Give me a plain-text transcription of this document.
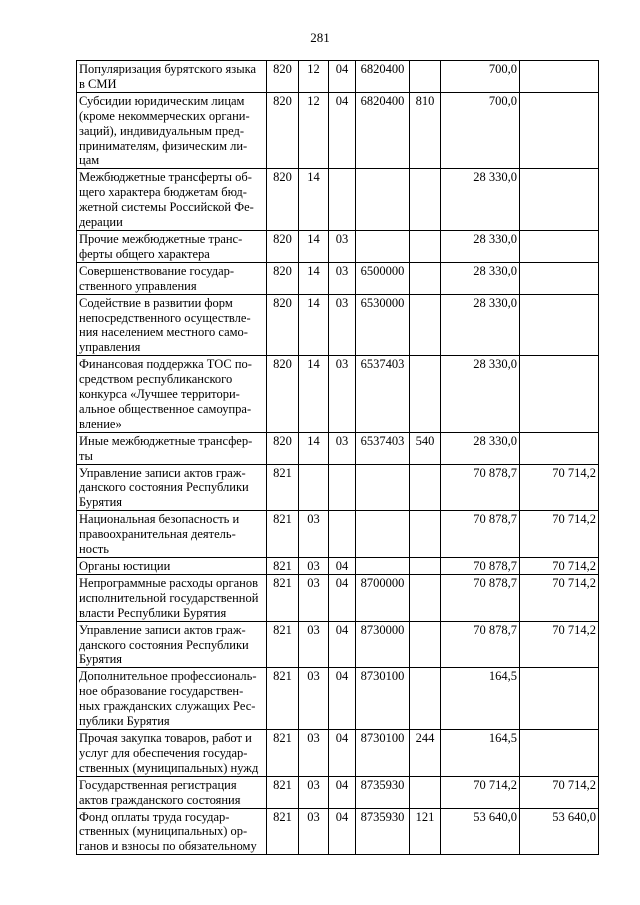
281
Популяризация бурятского языка
в СМИ	820	12	04	6820400		700,0	
Субсидии юридическим лицам
(кроме некоммерческих органи-
заций), индивидуальным пред-
принимателям, физическим ли-
цам	820	12	04	6820400	810	700,0	
Межбюджетные трансферты об-
щего характера бюджетам бюд-
жетной системы Российской Фе-
дерации	820	14				28 330,0	
Прочие межбюджетные транс-
ферты общего характера	820	14	03			28 330,0	
Совершенствование государ-
ственного управления	820	14	03	6500000		28 330,0	
Содействие в развитии форм
непосредственного осуществле-
ния населением местного само-
управления	820	14	03	6530000		28 330,0	
Финансовая поддержка ТОС по-
средством республиканского
конкурса «Лучшее территори-
альное общественное самоупра-
вление»	820	14	03	6537403		28 330,0	
Иные межбюджетные трансфер-
ты	820	14	03	6537403	540	28 330,0	
Управление записи актов граж-
данского состояния Республики
Бурятия	821					70 878,7	70 714,2
Национальная безопасность и
правоохранительная деятель-
ность	821	03				70 878,7	70 714,2
Органы юстиции	821	03	04			70 878,7	70 714,2
Непрограммные расходы органов
исполнительной государственной
власти Республики Бурятия	821	03	04	8700000		70 878,7	70 714,2
Управление записи актов граж-
данского состояния Республики
Бурятия	821	03	04	8730000		70 878,7	70 714,2
Дополнительное профессиональ-
ное образование государствен-
ных гражданских служащих Рес-
публики Бурятия	821	03	04	8730100		164,5	
Прочая закупка товаров, работ и
услуг для обеспечения государ-
ственных (муниципальных) нужд	821	03	04	8730100	244	164,5	
Государственная регистрация
актов гражданского состояния	821	03	04	8735930		70 714,2	70 714,2
Фонд оплаты труда государ-
ственных (муниципальных) ор-
ганов и взносы по обязательному	821	03	04	8735930	121	53 640,0	53 640,0
